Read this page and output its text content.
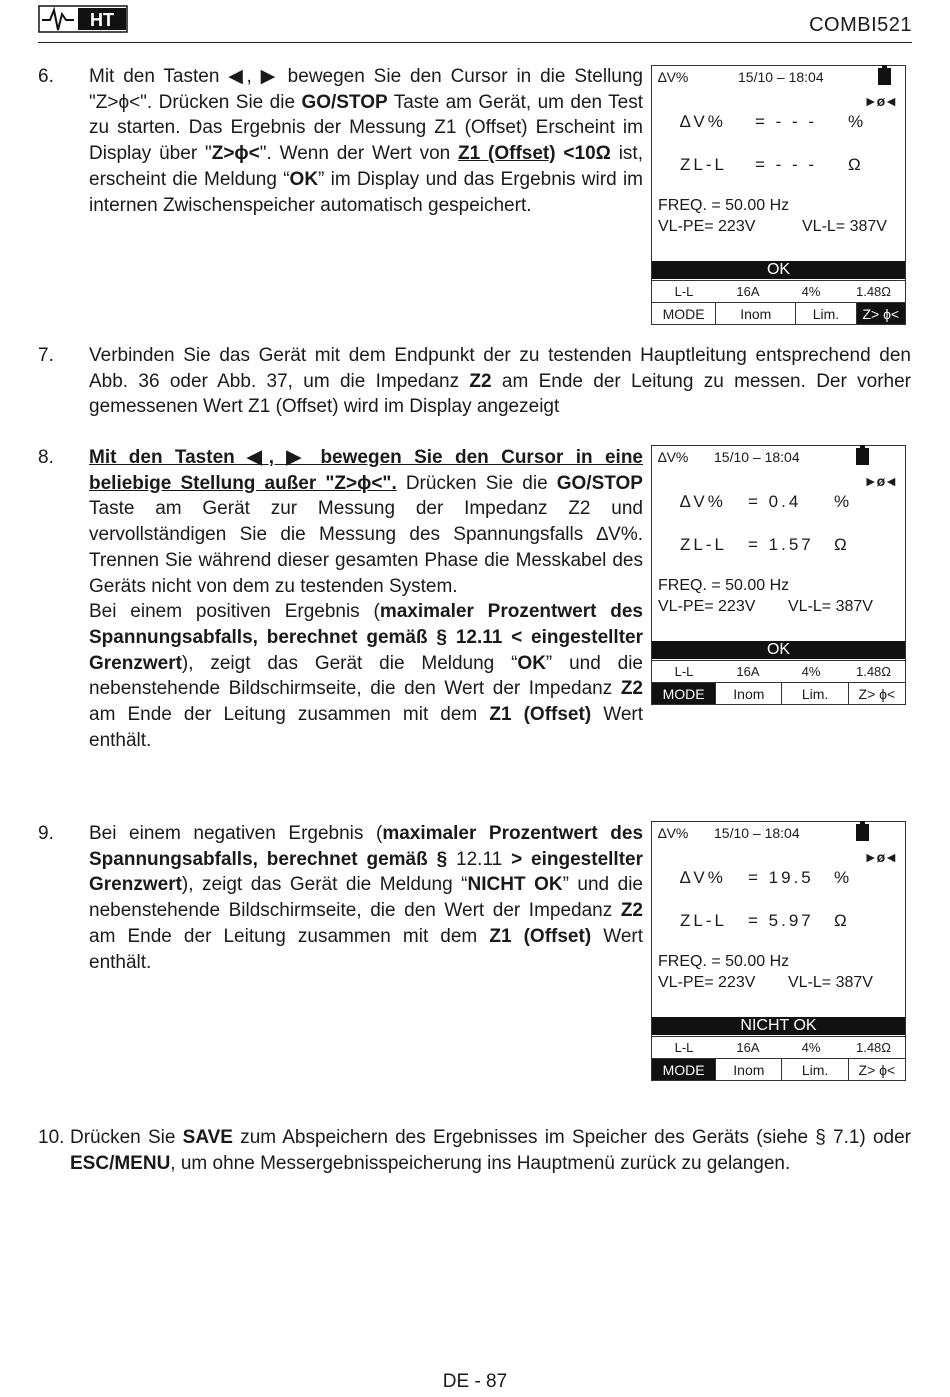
HT	COMBI521
6. Mit den Tasten ◀, ▶ bewegen Sie den Cursor in die Stellung "Z>ϕ<". Drücken Sie die GO/STOP Taste am Gerät, um den Test zu starten. Das Ergebnis der Messung Z1 (Offset) Erscheint im Display über "Z>ϕ<". Wenn der Wert von Z1 (Offset) <10Ω ist, erscheint die Meldung “OK” im Display und das Ergebnis wird im internen Zwischenspeicher automatisch gespeichert.
∆V%	15/10 – 18:04
►ø◄
∆V% = - - - %
ZL-L = - - - Ω
FREQ. = 50.00 Hz
VL-PE= 223V	VL-L= 387V
OK
L-L	16A	4%	1.48Ω
MODE	Inom	Lim.	Z> ϕ<
7. Verbinden Sie das Gerät mit dem Endpunkt der zu testenden Hauptleitung entsprechend den Abb. 36 oder Abb. 37, um die Impedanz Z2 am Ende der Leitung zu messen. Der vorher gemessenen Wert Z1 (Offset) wird im Display angezeigt
8. Mit den Tasten ◀, ▶ bewegen Sie den Cursor in eine beliebige Stellung außer "Z>ϕ<". Drücken Sie die GO/STOP Taste am Gerät zur Messung der Impedanz Z2 und vervollständigen Sie die Messung des Spannungsfalls ∆V%. Trennen Sie während dieser gesamten Phase die Messkabel des Geräts nicht von dem zu testenden System.
Bei einem positiven Ergebnis (maximaler Prozentwert des Spannungsabfalls, berechnet gemäß § 12.11 < eingestellter Grenzwert), zeigt das Gerät die Meldung “OK” und die nebenstehende Bildschirmseite, die den Wert der Impedanz Z2 am Ende der Leitung zusammen mit dem Z1 (Offset) Wert enthält.
∆V% 15/10 – 18:04
►ø◄
∆V% = 0.4 %
ZL-L = 1.57 Ω
FREQ. = 50.00 Hz
VL-PE= 223V VL-L= 387V
OK
L-L	16A	4%	1.48Ω
MODE	Inom	Lim.	Z> ϕ<
9. Bei einem negativen Ergebnis (maximaler Prozentwert des Spannungsabfalls, berechnet gemäß § 12.11 > eingestellter Grenzwert), zeigt das Gerät die Meldung “NICHT OK” und die nebenstehende Bildschirmseite, die den Wert der Impedanz Z2 am Ende der Leitung zusammen mit dem Z1 (Offset) Wert enthält.
∆V% 15/10 – 18:04
►ø◄
∆V% = 19.5 %
ZL-L = 5.97 Ω
FREQ. = 50.00 Hz
VL-PE= 223V VL-L= 387V
NICHT OK
L-L	16A	4%	1.48Ω
MODE	Inom	Lim.	Z> ϕ<
10. Drücken Sie SAVE zum Abspeichern des Ergebnisses im Speicher des Geräts (siehe § 7.1) oder ESC/MENU, um ohne Messergebnisspeicherung ins Hauptmenü zurück zu gelangen.
DE - 87
